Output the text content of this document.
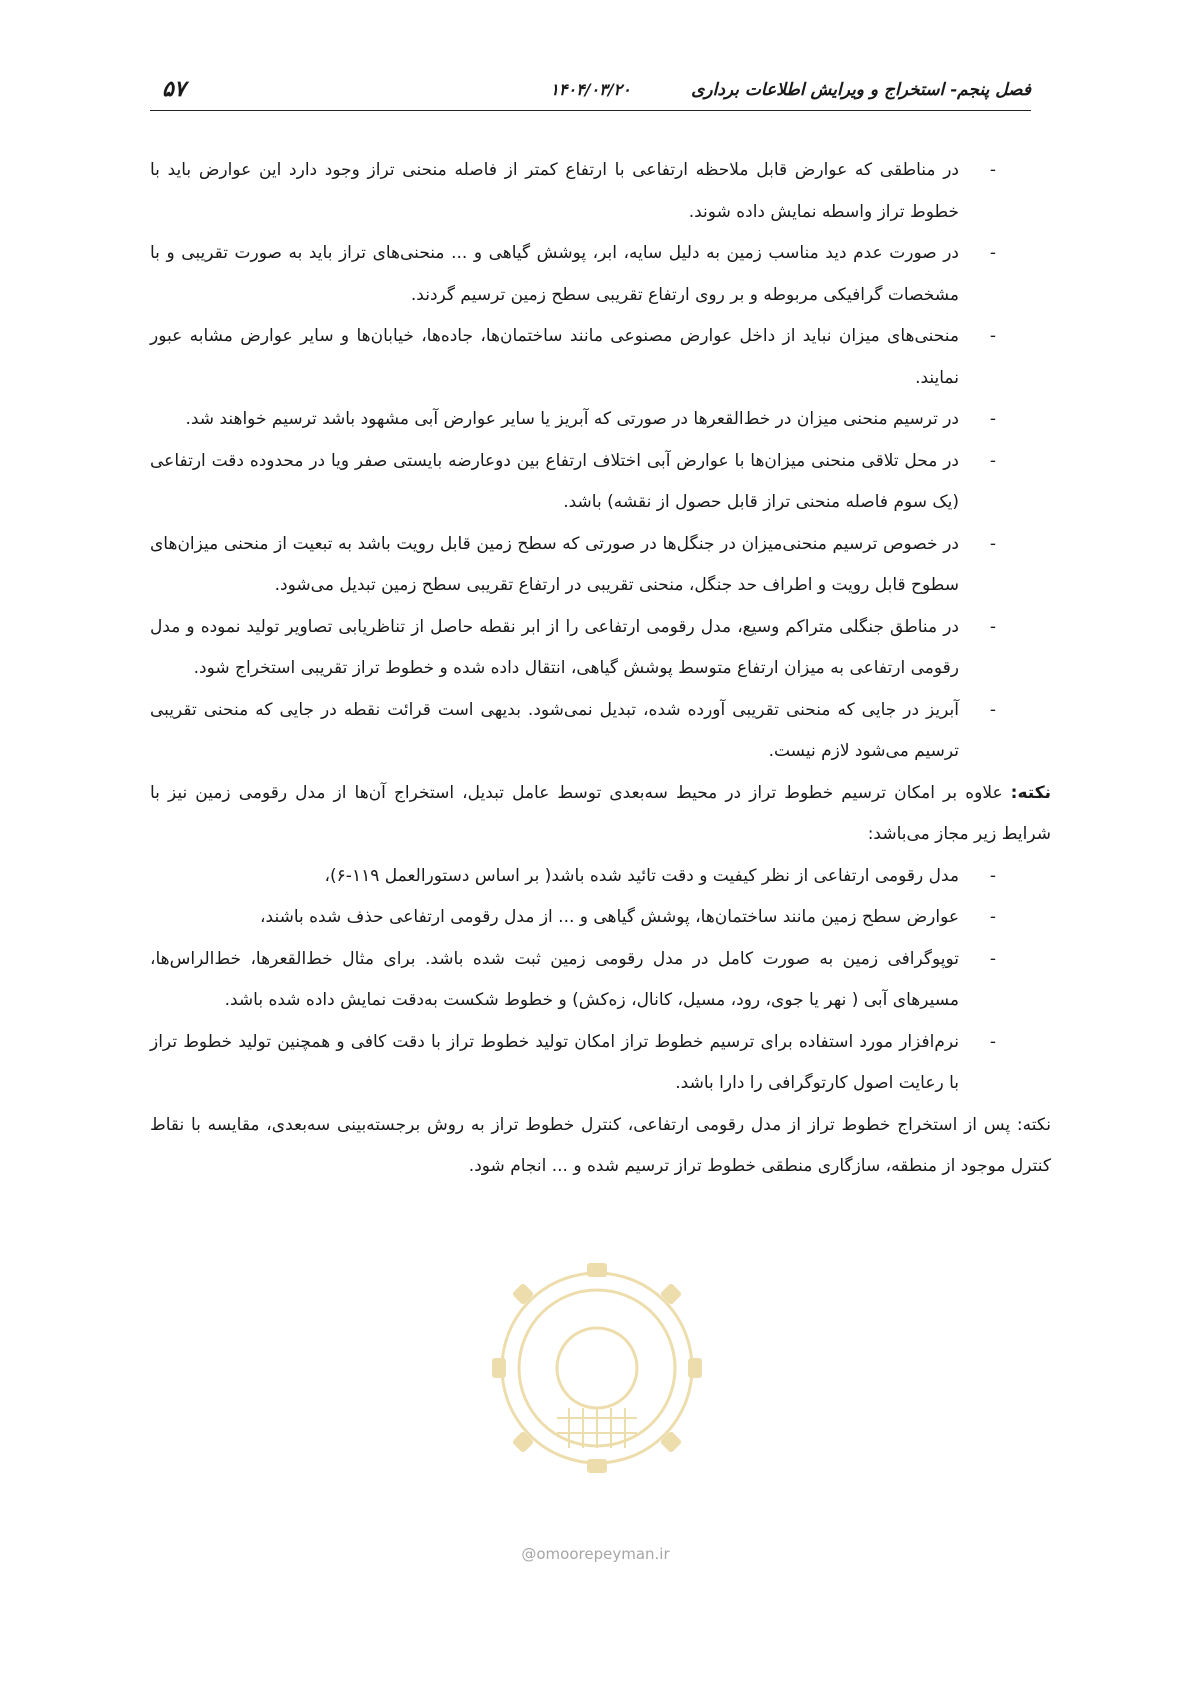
فصل پنجم- استخراج و ویرایش اطلاعات برداری
۱۴۰۴/۰۳/۲۰
۵۷
-
در مناطقی که عوارض قابل ملاحظه ارتفاعی با ارتفاع کمتر از فاصله منحنی تراز وجود دارد این عوارض باید با خطوط تراز واسطه نمایش داده شوند.
-
در صورت عدم دید مناسب زمین به دلیل سایه، ابر، پوشش گیاهی و ... منحنی‌های تراز باید به صورت تقریبی و با مشخصات گرافیکی مربوطه و بر روی ارتفاع تقریبی سطح زمین ترسیم گردند.
-
منحنی‌های میزان نباید از داخل عوارض مصنوعی مانند ساختمان‌ها، جاده‌ها، خیابان‌ها و سایر عوارض مشابه عبور نمایند.
-
در ترسیم منحنی میزان در خط‌القعرها در صورتی که آبریز یا سایر عوارض آبی مشهود باشد ترسیم خواهند شد.
-
در محل تلاقی منحنی میزان‌ها با عوارض آبی اختلاف ارتفاع بین دوعارضه بایستی صفر ویا در محدوده دقت ارتفاعی (یک سوم فاصله منحنی تراز قابل حصول از نقشه) باشد.
-
در خصوص ترسیم منحنی‌میزان در جنگل‌ها در صورتی که سطح زمین قابل رویت باشد به تبعیت از منحنی میزان‌های سطوح قابل رویت و اطراف حد جنگل، منحنی تقریبی در ارتفاع تقریبی سطح زمین تبدیل می‌شود.
-
در مناطق جنگلی متراکم وسیع، مدل رقومی ارتفاعی را از ابر نقطه حاصل از تناظریابی تصاویر تولید نموده و مدل رقومی ارتفاعی به میزان ارتفاع متوسط پوشش گیاهی، انتقال داده شده و خطوط تراز تقریبی استخراج شود.
-
آبریز در جایی که منحنی تقریبی آورده شده، تبدیل نمی‌شود. بدیهی است قرائت نقطه در جایی که منحنی تقریبی ترسیم می‌شود لازم نیست.

نکته: علاوه بر امکان ترسیم خطوط تراز در محیط سه‌بعدی توسط عامل تبدیل، استخراج آن‌ها از مدل رقومی زمین نیز با شرایط زیر مجاز می‌باشد:

-
مدل رقومی ارتفاعی از نظر کیفیت و دقت تائید شده باشد( بر اساس دستورالعمل ۱۱۹-۶)،
-
عوارض سطح زمین مانند ساختمان‌ها، پوشش گیاهی و ... از مدل رقومی ارتفاعی حذف شده باشند،
-
توپوگرافی زمین به صورت کامل در مدل رقومی زمین ثبت شده باشد. برای مثال خط‌القعرها، خط‌الراس‌ها، مسیرهای آبی ( نهر یا جوی، رود، مسیل، کانال، زه‌کش) و خطوط شکست به‌دقت نمایش داده شده باشد.
-
نرم‌افزار مورد استفاده برای ترسیم خطوط تراز امکان تولید خطوط تراز با دقت کافی و همچنین تولید خطوط تراز با رعایت اصول کارتوگرافی را دارا باشد.

نکته: پس از استخراج خطوط تراز از مدل رقومی ارتفاعی، کنترل خطوط تراز به روش برجسته‌بینی سه‌بعدی، مقایسه با نقاط کنترل موجود از منطقه، سازگاری منطقی خطوط تراز ترسیم شده و ... انجام شود.

@omoorepeyman.ir
